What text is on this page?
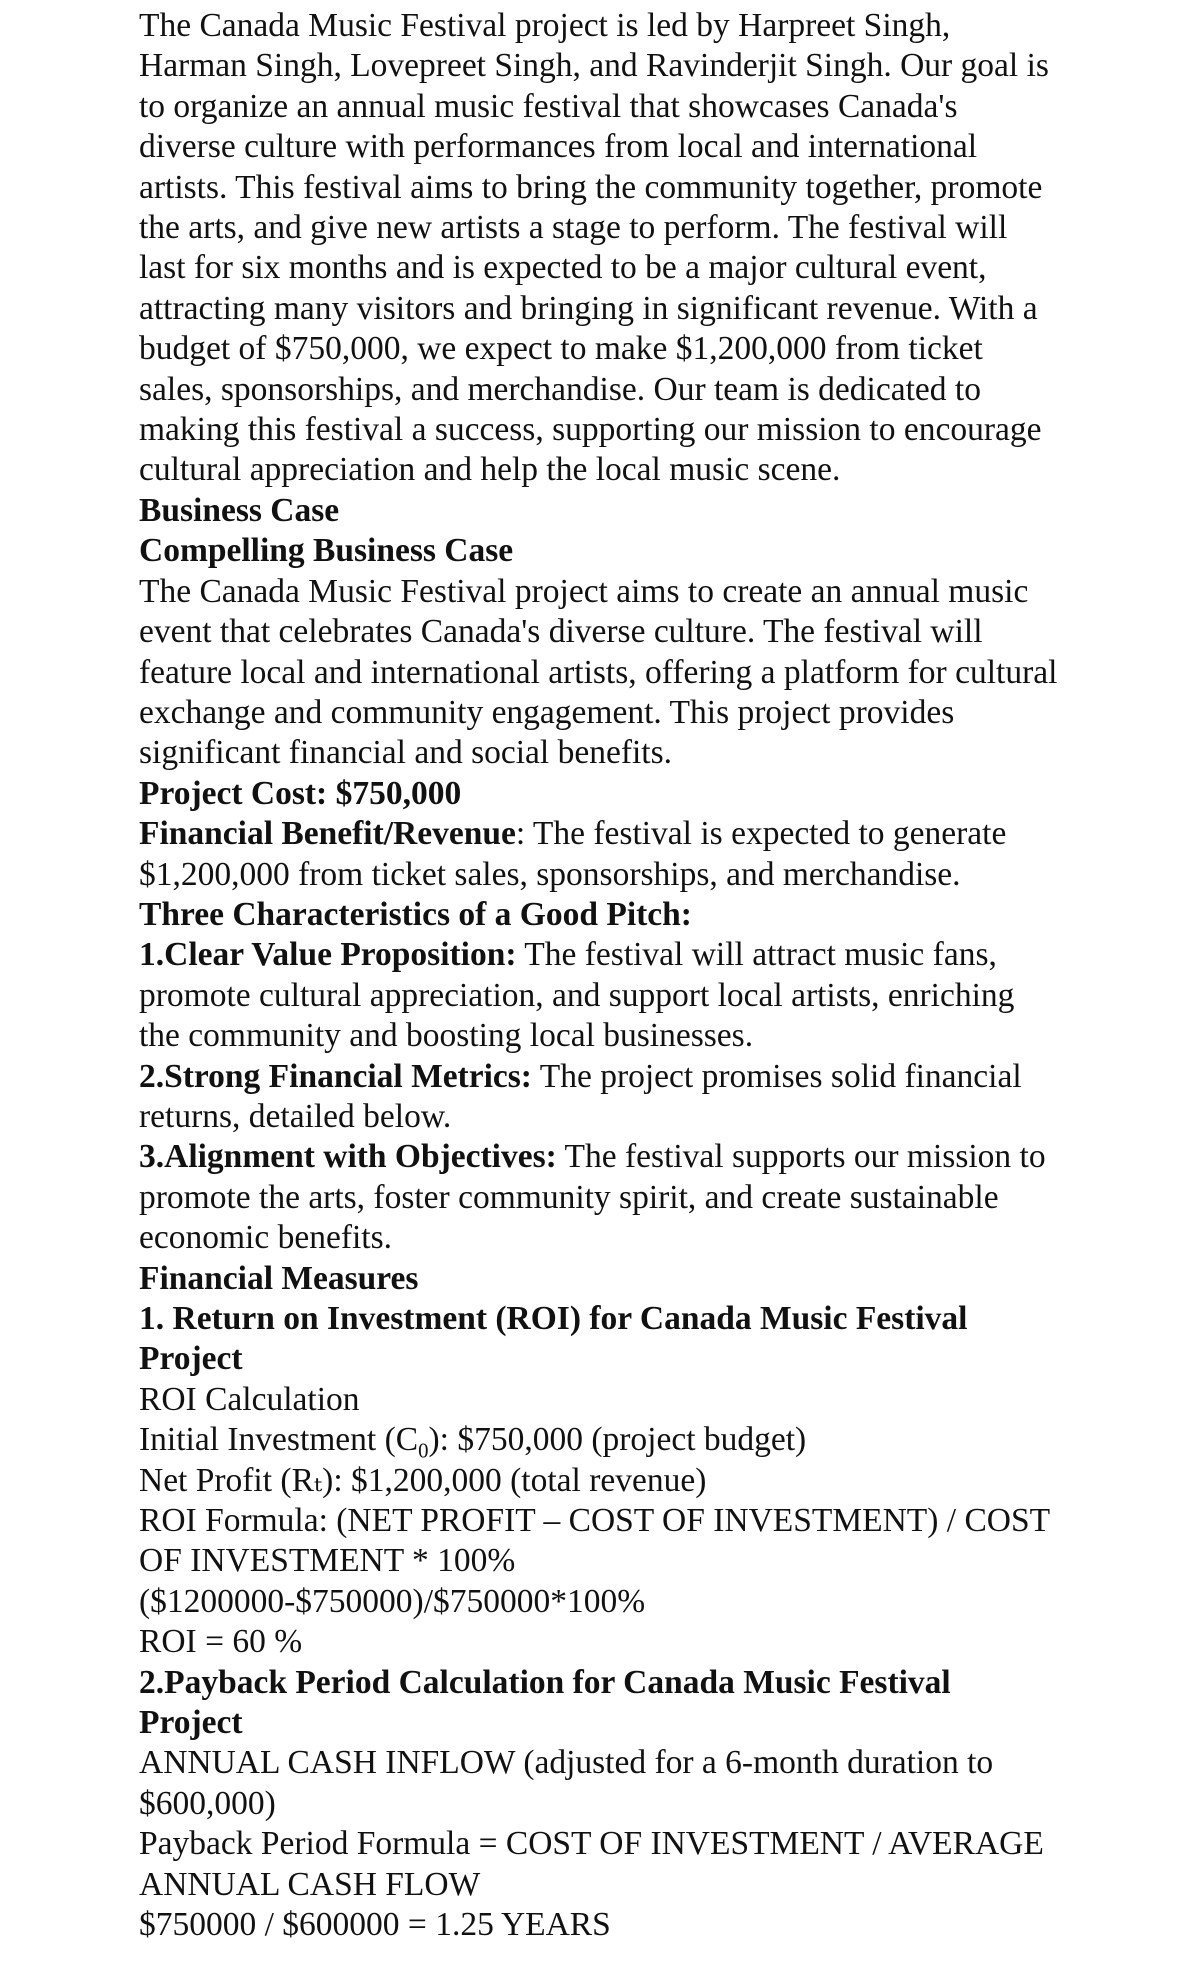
The Canada Music Festival project is led by Harpreet Singh, Harman Singh, Lovepreet Singh, and Ravinderjit Singh. Our goal is to organize an annual music festival that showcases Canada's diverse culture with performances from local and international artists. This festival aims to bring the community together, promote the arts, and give new artists a stage to perform. The festival will last for six months and is expected to be a major cultural event, attracting many visitors and bringing in significant revenue. With a budget of $750,000, we expect to make $1,200,000 from ticket sales, sponsorships, and merchandise. Our team is dedicated to making this festival a success, supporting our mission to encourage cultural appreciation and help the local music scene.

Business Case

Compelling Business Case

The Canada Music Festival project aims to create an annual music event that celebrates Canada's diverse culture. The festival will feature local and international artists, offering a platform for cultural exchange and community engagement. This project provides significant financial and social benefits.

Project Cost: $750,000

Financial Benefit/Revenue: The festival is expected to generate $1,200,000 from ticket sales, sponsorships, and merchandise.

Three Characteristics of a Good Pitch:

1.Clear Value Proposition: The festival will attract music fans, promote cultural appreciation, and support local artists, enriching the community and boosting local businesses.

2.Strong Financial Metrics: The project promises solid financial returns, detailed below.

3.Alignment with Objectives: The festival supports our mission to promote the arts, foster community spirit, and create sustainable economic benefits.

Financial Measures

1. Return on Investment (ROI) for Canada Music Festival Project

ROI Calculation

Initial Investment $(C_0)$: $750,000 (project budget)

Net Profit (Rₜ): $1,200,000 (total revenue)

ROI Formula: (NET PROFIT – COST OF INVESTMENT) / COST OF INVESTMENT * 100%

($1200000-$750000)/$750000*100%

ROI = 60 %

2.Payback Period Calculation for Canada Music Festival Project

ANNUAL CASH INFLOW (adjusted for a 6-month duration to $600,000)

Payback Period Formula = COST OF INVESTMENT / AVERAGE ANNUAL CASH FLOW

$750000 / $600000 = 1.25 YEARS
